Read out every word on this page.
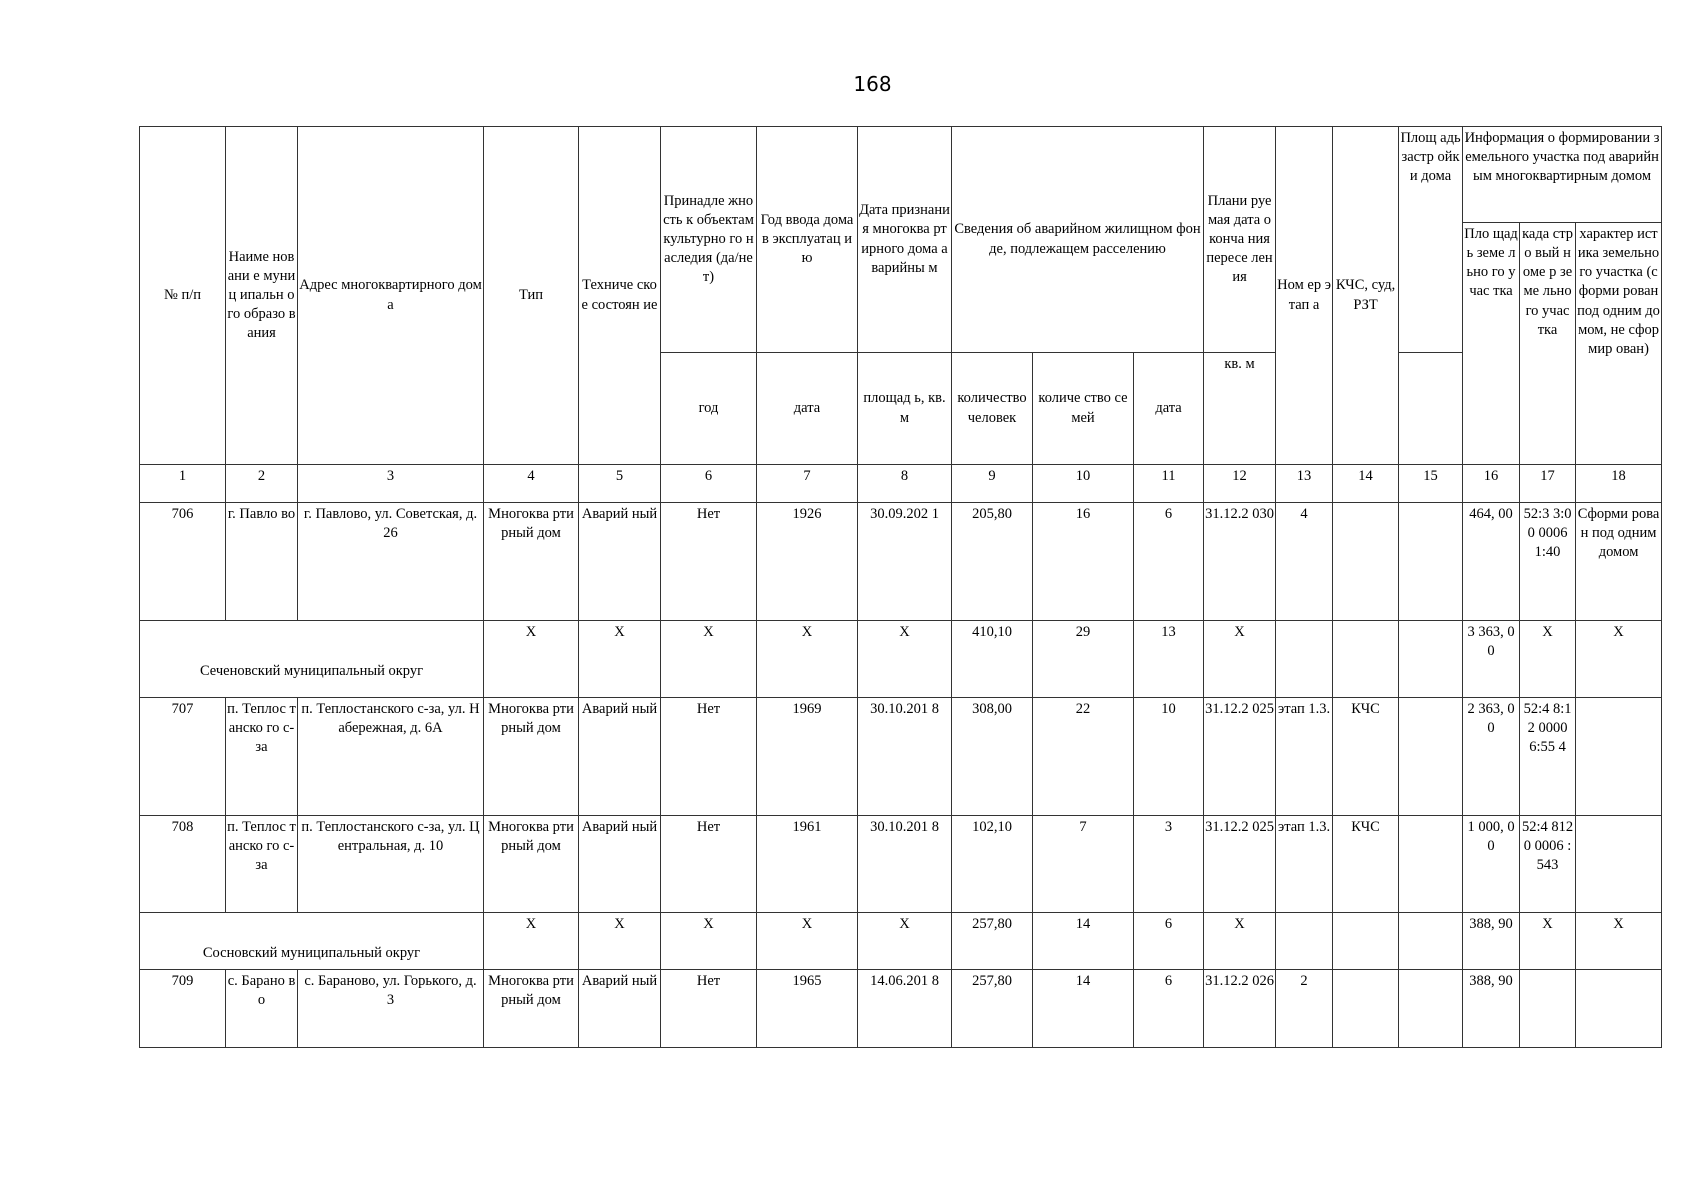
168
№ п/п	Наиме новани е муниц ипальн ого образо вания	Адрес многоквартирного дома	Тип	Техниче ское состоян ие	Принадле жность к объектам культурно го наследия (да/нет)	Год ввода дома в эксплуатац ию	Дата признани я многоква ртирного дома аварийны м	Сведения об аварийном жилищном фонде, подлежащем расселению			Плани руемая дата оконча ния пересе ления	Ном ер этап а	КЧС, суд, РЗТ	Площ адь застр ойки дома	Информация о формировании земельного участка под аварийным многоквартирным домом		
															Пло щадь земе льно го учас тка	када стро вый номе р земе льно го учас тка	характер истика земельно го участка (сформи рован под одним домом, не сформир ован)
					год	дата	площад ь, кв.м	количество человек	количе ство семей	дата	кв. м						
1	2	3	4	5	6	7	8	9	10	11	12	13	14	15	16	17	18
706	г. Павло во	г. Павлово, ул. Советская, д. 26	Многоква ртирный дом	Аварий ный	Нет	1926	30.09.202 1	205,80	16	6	31.12.2 030	4			464, 00	52:3 3:00 0006 1:40	Сформи рован под одним домом
Сеченовский муниципальный округ			X	X	X	X	X	410,10	29	13	X				3 363, 00	X	X
707	п. Теплос танско го с-за	п. Теплостанского с-за, ул. Набережная, д. 6А	Многоква ртирный дом	Аварий ный	Нет	1969	30.10.201 8	308,00	22	10	31.12.2 025	этап 1.3.	КЧС		2 363, 00	52:4 8:12 0000 6:55 4	
708	п. Теплос танско го с-за	п. Теплостанского с-за, ул. Центральная, д. 10	Многоква ртирный дом	Аварий ный	Нет	1961	30.10.201 8	102,10	7	3	31.12.2 025	этап 1.3.	КЧС		1 000, 00	52:4 8120 0006 :543	
Сосновский муниципальный округ			X	X	X	X	X	257,80	14	6	X				388, 90	X	X
709	с. Барано во	с. Бараново, ул. Горького, д. 3	Многоква ртирный дом	Аварий ный	Нет	1965	14.06.201 8	257,80	14	6	31.12.2 026	2			388, 90		
